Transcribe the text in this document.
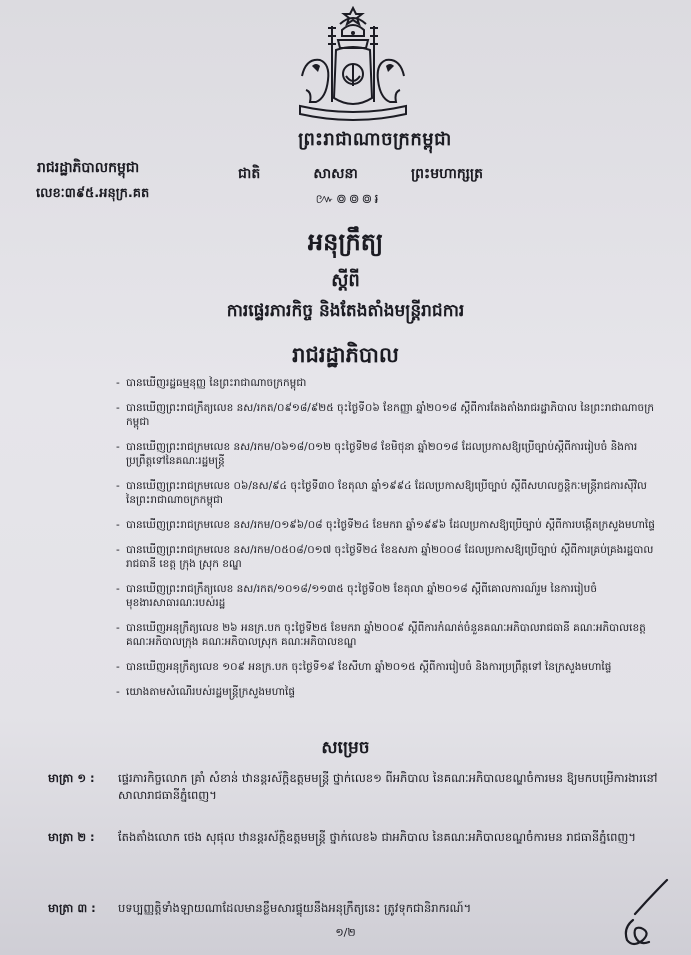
ព្រះរាជាណាចក្រកម្ពុជា
ជាតិ	សាសនា	ព្រះមហាក្សត្រ
៚៙៙៙៛
រាជរដ្ឋាភិបាលកម្ពុជា
លេខៈ៣៩៥.អនុក្រ.គត
អនុក្រឹត្យ
ស្តីពី
ការផ្ទេរភារកិច្ច និងតែងតាំងមន្ត្រីរាជការ
រាជរដ្ឋាភិបាល
- បានឃើញរដ្ឋធម្មនុញ្ញ នៃព្រះរាជាណាចក្រកម្ពុជា
- បានឃើញព្រះរាជក្រឹត្យលេខ នស/រកត/០៩១៨/៩២៥ ចុះថ្ងៃទី០៦ ខែកញ្ញា ឆ្នាំ២០១៨ ស្តីពីការតែងតាំងរាជរដ្ឋាភិបាល នៃព្រះរាជាណាចក្រកម្ពុជា
- បានឃើញព្រះរាជក្រមលេខ នស/រកម/០៦១៨/០១២ ចុះថ្ងៃទី២៨ ខែមិថុនា ឆ្នាំ២០១៨ ដែលប្រកាសឱ្យប្រើច្បាប់ស្តីពីការរៀបចំ និងការប្រព្រឹត្តទៅនៃគណៈរដ្ឋមន្ត្រី
- បានឃើញព្រះរាជក្រមលេខ ០៦/នស/៩៤ ចុះថ្ងៃទី៣០ ខែតុលា ឆ្នាំ១៩៩៤ ដែលប្រកាសឱ្យប្រើច្បាប់ ស្តីពីសហលក្ខន្តិកៈមន្ត្រីរាជការស៊ីវិល នៃព្រះរាជាណាចក្រកម្ពុជា
- បានឃើញព្រះរាជក្រមលេខ នស/រកម/០១៩៦/០៨ ចុះថ្ងៃទី២៤ ខែមករា ឆ្នាំ១៩៩៦ ដែលប្រកាសឱ្យប្រើច្បាប់ ស្តីពីការបង្កើតក្រសួងមហាផ្ទៃ
- បានឃើញព្រះរាជក្រមលេខ នស/រកម/០៥០៨/០១៧ ចុះថ្ងៃទី២៤ ខែឧសភា ឆ្នាំ២០០៨ ដែលប្រកាសឱ្យប្រើច្បាប់ ស្តីពីការគ្រប់គ្រងរដ្ឋបាលរាជធានី ខេត្ត ក្រុង ស្រុក ខណ្ឌ
- បានឃើញព្រះរាជក្រឹត្យលេខ នស/រកត/១០១៨/១១៣៥ ចុះថ្ងៃទី០២ ខែតុលា ឆ្នាំ២០១៨ ស្តីពីគោលការណ៍រួម នៃការរៀបចំមុខងារសាធារណៈរបស់រដ្ឋ
- បានឃើញអនុក្រឹត្យលេខ ២៦ អនក្រ.បក ចុះថ្ងៃទី២៥ ខែមករា ឆ្នាំ២០០៩ ស្តីពីការកំណត់ចំនួនគណៈអភិបាលរាជធានី គណៈអភិបាលខេត្ត គណៈអភិបាលក្រុង គណៈអភិបាលស្រុក គណៈអភិបាលខណ្ឌ
- បានឃើញអនុក្រឹត្យលេខ ១០៩ អនក្រ.បក ចុះថ្ងៃទី១៩ ខែសីហា ឆ្នាំ២០១៥ ស្តីពីការរៀបចំ និងការប្រព្រឹត្តទៅ នៃក្រសួងមហាផ្ទៃ
- យោងតាមសំណើរបស់រដ្ឋមន្ត្រីក្រសួងមហាផ្ទៃ
សម្រេច
មាត្រា ១ :	ផ្ទេរភារកិច្ចលោក គ្រាំ សំខាន់ ឋានន្តរស័ក្តិឧត្តមមន្ត្រី ថ្នាក់លេខ១ ពីអភិបាល នៃគណៈអភិបាលខណ្ឌចំការមន ឱ្យមកបម្រើការងារនៅសាលារាជធានីភ្នំពេញ។
មាត្រា ២ :	តែងតាំងលោក ថេង សុផុល ឋានន្តរស័ក្តិឧត្តមមន្ត្រី ថ្នាក់លេខ៦ ជាអភិបាល នៃគណៈអភិបាលខណ្ឌចំការមន រាជធានីភ្នំពេញ។
មាត្រា ៣ :	បទប្បញ្ញត្តិទាំងឡាយណាដែលមានខ្លឹមសារផ្ទុយនឹងអនុក្រឹត្យនេះ ត្រូវទុកជានិរាករណ៍។
១/២
